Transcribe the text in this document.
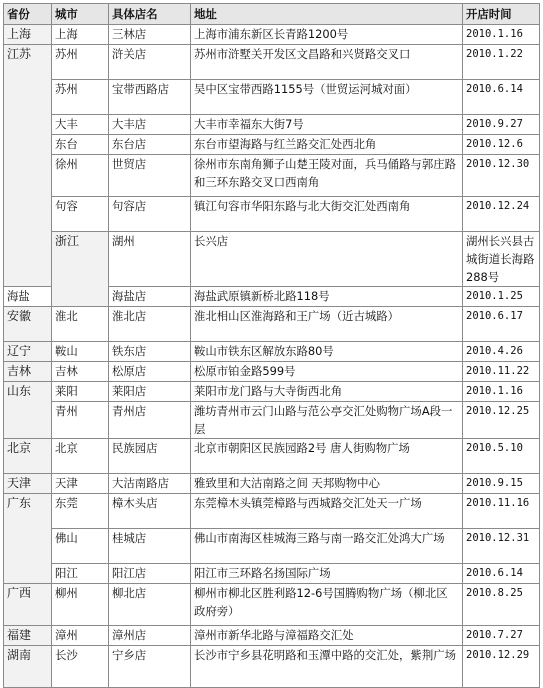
省份	城市	具体店名	地址	开店时间	
上海	上海	三林店	上海市浦东新区长青路1200号	2010.1.16	
江苏	苏州	浒关店	苏州市浒墅关开发区文昌路和兴贤路交叉口	2010.1.22	
	苏州	宝带西路店	吴中区宝带西路1155号（世贸运河城对面）	2010.6.14	
	大丰	大丰店	大丰市幸福东大街7号	2010.9.27	
	东台	东台店	东台市望海路与红兰路交汇处西北角	2010.12.6	
	徐州	世贸店	徐州市东南角狮子山楚王陵对面，兵马俑路与郭庄路和三环东路交叉口西南角	2010.12.30	
	句容	句容店	镇江句容市华阳东路与北大街交汇处西南角	2010.12.24	
	浙江	湖州	长兴店	湖州长兴县古城街道长海路288号	
海盐		海盐店	海盐武原镇新桥北路118号	2010.1.25	
安徽	淮北	淮北店	淮北相山区淮海路和王广场（近古城路）	2010.6.17	
辽宁	鞍山	铁东店	鞍山市铁东区解放东路80号	2010.4.26	
吉林	吉林	松原店	松原市铂金路599号	2010.11.22	
山东	莱阳	莱阳店	莱阳市龙门路与大寺街西北角	2010.1.16	
	青州	青州店	潍坊青州市云门山路与范公亭交汇处购物广场A段一层	2010.12.25	
北京	北京	民族园店	北京市朝阳区民族园路2号 唐人街购物广场	2010.5.10	
天津	天津	大沽南路店	雅致里和大沽南路之间 天邦购物中心	2010.9.15	
广东	东莞	樟木头店	东莞樟木头镇莞樟路与西城路交汇处天一广场	2010.11.16	
	佛山	桂城店	佛山市南海区桂城海三路与南一路交汇处鸿大广场	2010.12.31	
	阳江	阳江店	阳江市三环路名扬国际广场	2010.6.14	
广西	柳州	柳北店	柳州市柳北区胜利路12-6号国腾购物广场（柳北区政府旁）	2010.8.25	
福建	漳州	漳州店	漳州市新华北路与漳福路交汇处	2010.7.27	
湖南	长沙	宁乡店	长沙市宁乡县花明路和玉潭中路的交汇处，紫荆广场	2010.12.29	
